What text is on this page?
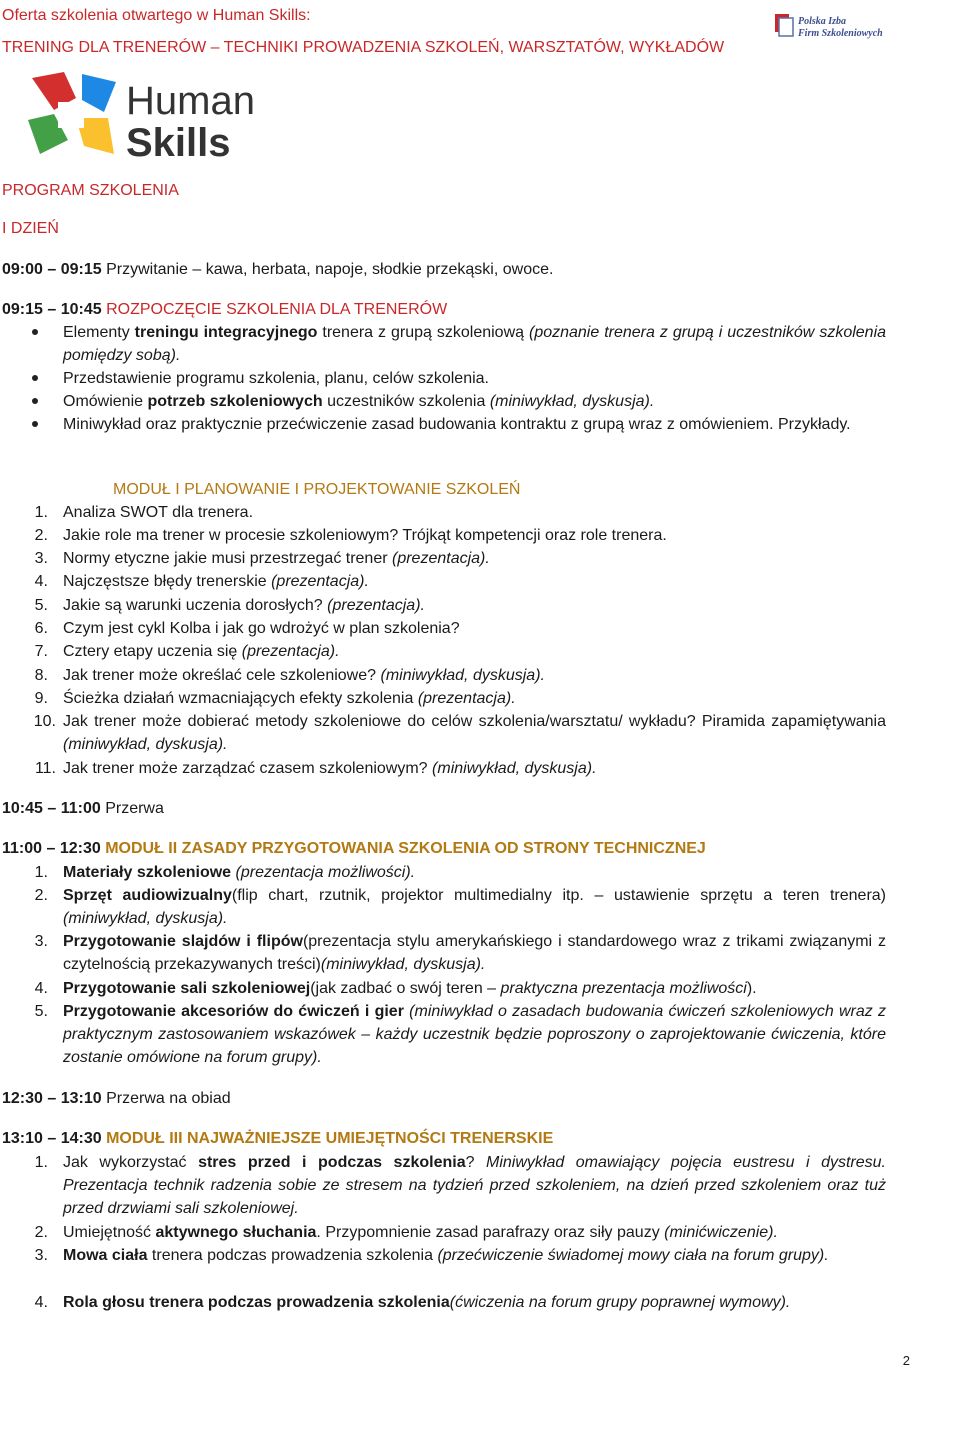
Oferta szkolenia otwartego w Human Skills:
TRENING DLA TRENERÓW – TECHNIKI PROWADZENIA SZKOLEŃ, WARSZTATÓW, WYKŁADÓW
Polska Izba
Firm Szkoleniowych
Human
Skills
PROGRAM SZKOLENIA
I DZIEŃ
09:00 – 09:15 Przywitanie – kawa, herbata, napoje, słodkie przekąski, owoce.
09:15 – 10:45 ROZPOCZĘCIE SZKOLENIA DLA TRENERÓW
Elementy treningu integracyjnego trenera z grupą szkoleniową (poznanie trenera z grupą i uczestników szkolenia pomiędzy sobą).
Przedstawienie programu szkolenia, planu, celów szkolenia.
Omówienie potrzeb szkoleniowych uczestników szkolenia (miniwykład, dyskusja).
Miniwykład oraz praktycznie przećwiczenie zasad budowania kontraktu z grupą wraz z omówieniem. Przykłady.
MODUŁ I PLANOWANIE I PROJEKTOWANIE SZKOLEŃ
1. Analiza SWOT dla trenera.
2. Jakie role ma trener w procesie szkoleniowym? Trójkąt kompetencji oraz role trenera.
3. Normy etyczne jakie musi przestrzegać trener (prezentacja).
4. Najczęstsze błędy trenerskie (prezentacja).
5. Jakie są warunki uczenia dorosłych? (prezentacja).
6. Czym jest cykl Kolba i jak go wdrożyć w plan szkolenia?
7. Cztery etapy uczenia się (prezentacja).
8. Jak trener może określać cele szkoleniowe? (miniwykład, dyskusja).
9. Ścieżka działań wzmacniających efekty szkolenia (prezentacja).
10. Jak trener może dobierać metody szkoleniowe do celów szkolenia/warsztatu/ wykładu? Piramida zapamiętywania (miniwykład, dyskusja).
11. Jak trener może zarządzać czasem szkoleniowym? (miniwykład, dyskusja).
10:45 – 11:00 Przerwa
11:00 – 12:30 MODUŁ II ZASADY PRZYGOTOWANIA SZKOLENIA OD STRONY TECHNICZNEJ
1. Materiały szkoleniowe (prezentacja możliwości).
2. Sprzęt audiowizualny(flip chart, rzutnik, projektor multimedialny itp. – ustawienie sprzętu a teren trenera)(miniwykład, dyskusja).
3. Przygotowanie slajdów i flipów(prezentacja stylu amerykańskiego i standardowego wraz z trikami związanymi z czytelnością przekazywanych treści)(miniwykład, dyskusja).
4. Przygotowanie sali szkoleniowej(jak zadbać o swój teren – praktyczna prezentacja możliwości).
5. Przygotowanie akcesoriów do ćwiczeń i gier (miniwykład o zasadach budowania ćwiczeń szkoleniowych wraz z praktycznym zastosowaniem wskazówek – każdy uczestnik będzie poproszony o zaprojektowanie ćwiczenia, które zostanie omówione na forum grupy).
12:30 – 13:10 Przerwa na obiad
13:10 – 14:30 MODUŁ III NAJWAŻNIEJSZE UMIEJĘTNOŚCI TRENERSKIE
1. Jak wykorzystać stres przed i podczas szkolenia? Miniwykład omawiający pojęcia eustresu i dystresu. Prezentacja technik radzenia sobie ze stresem na tydzień przed szkoleniem, na dzień przed szkoleniem oraz tuż przed drzwiami sali szkoleniowej.
2. Umiejętność aktywnego słuchania. Przypomnienie zasad parafrazy oraz siły pauzy (minićwiczenie).
3. Mowa ciała trenera podczas prowadzenia szkolenia (przećwiczenie świadomej mowy ciała na forum grupy).
4. Rola głosu trenera podczas prowadzenia szkolenia(ćwiczenia na forum grupy poprawnej wymowy).
2
